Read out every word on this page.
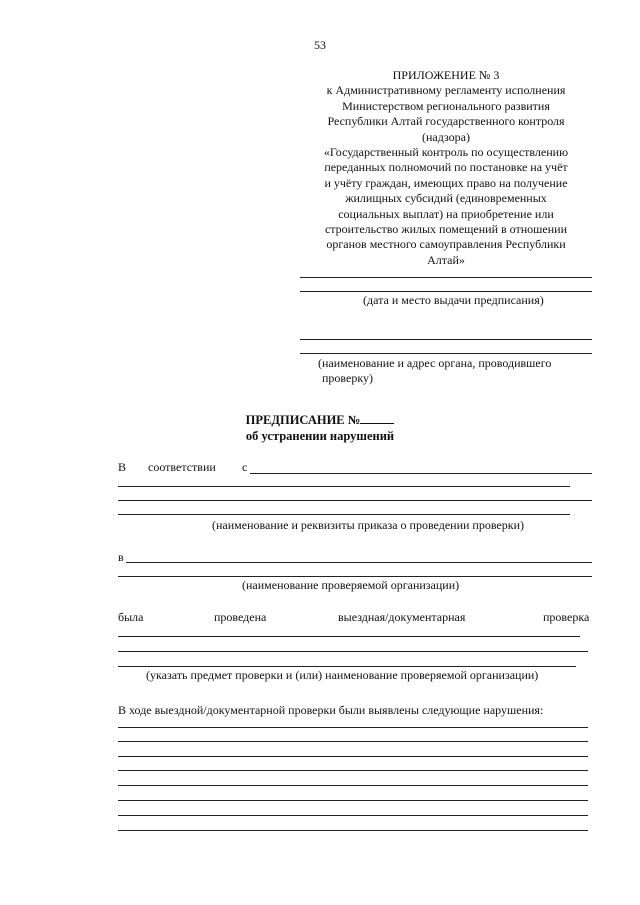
53
ПРИЛОЖЕНИЕ № 3
к Административному регламенту исполнения
Министерством регионального развития
Республики Алтай государственного контроля
(надзора)
«Государственный контроль по осуществлению
переданных полномочий по постановке на учёт
и учёту граждан, имеющих право на получение
жилищных субсидий (единовременных
социальных выплат) на приобретение или
строительство жилых помещений в отношении
органов местного самоуправления Республики
Алтай»
(дата и место выдачи предписания)
(наименование и адрес органа, проводившего
проверку)
ПРЕДПИСАНИЕ №
об устранении нарушений
В соответствии с
(наименование и реквизиты приказа о проведении проверки)
в
(наименование проверяемой организации)
была	проведена	выездная/документарная	проверка
(указать предмет проверки и (или) наименование проверяемой организации)
В ходе выездной/документарной проверки были выявлены следующие нарушения:
